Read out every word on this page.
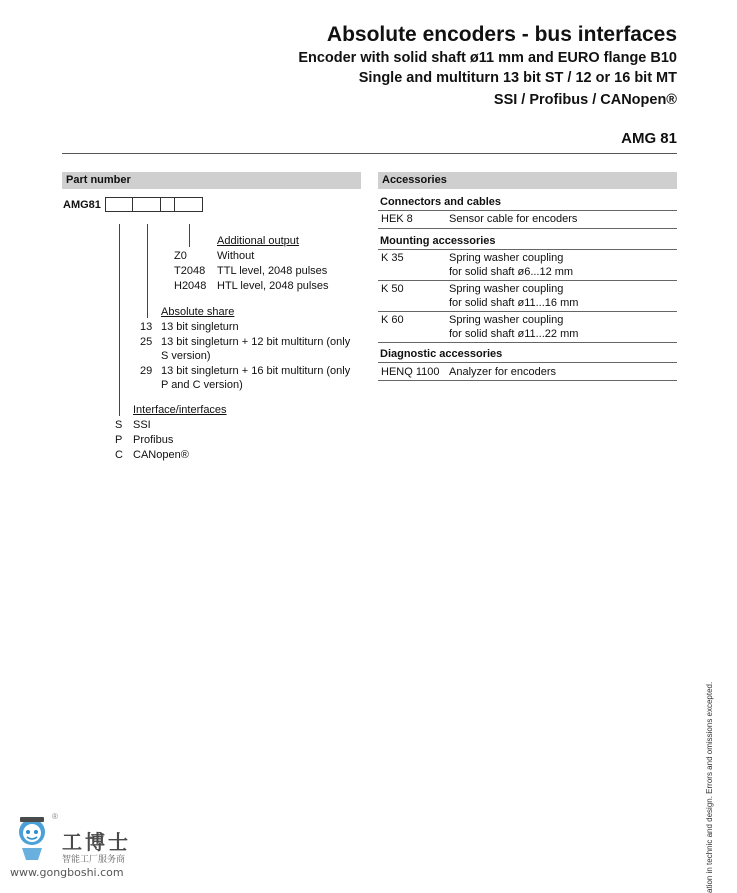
Absolute encoders - bus interfaces
Encoder with solid shaft ø11 mm and EURO flange B10
Single and multiturn 13 bit ST / 12 or 16 bit MT
SSI / Profibus / CANopen®
AMG 81
Part number
AMG81
Additional output
Z0	Without
T2048 TTL level, 2048 pulses
H2048 HTL level, 2048 pulses
Absolute share
13 13 bit singleturn
25 13 bit singleturn + 12 bit multiturn (only S version)
29 13 bit singleturn + 16 bit multiturn (only P and C version)
Interface/interfaces
S SSI
P Profibus
C CANopen®
Accessories
Connectors and cables
HEK 8	Sensor cable for encoders
Mounting accessories
K 35	Spring washer coupling
for solid shaft ø6...12 mm
K 50	Spring washer coupling
for solid shaft ø11...16 mm
K 60	Spring washer coupling
for solid shaft ø11...22 mm
Diagnostic accessories
HENQ 1100 Analyzer for encoders
ation in technic and design. Errors and omissions excepted.
®
工博士
智能工厂服务商
www.gongboshi.com
